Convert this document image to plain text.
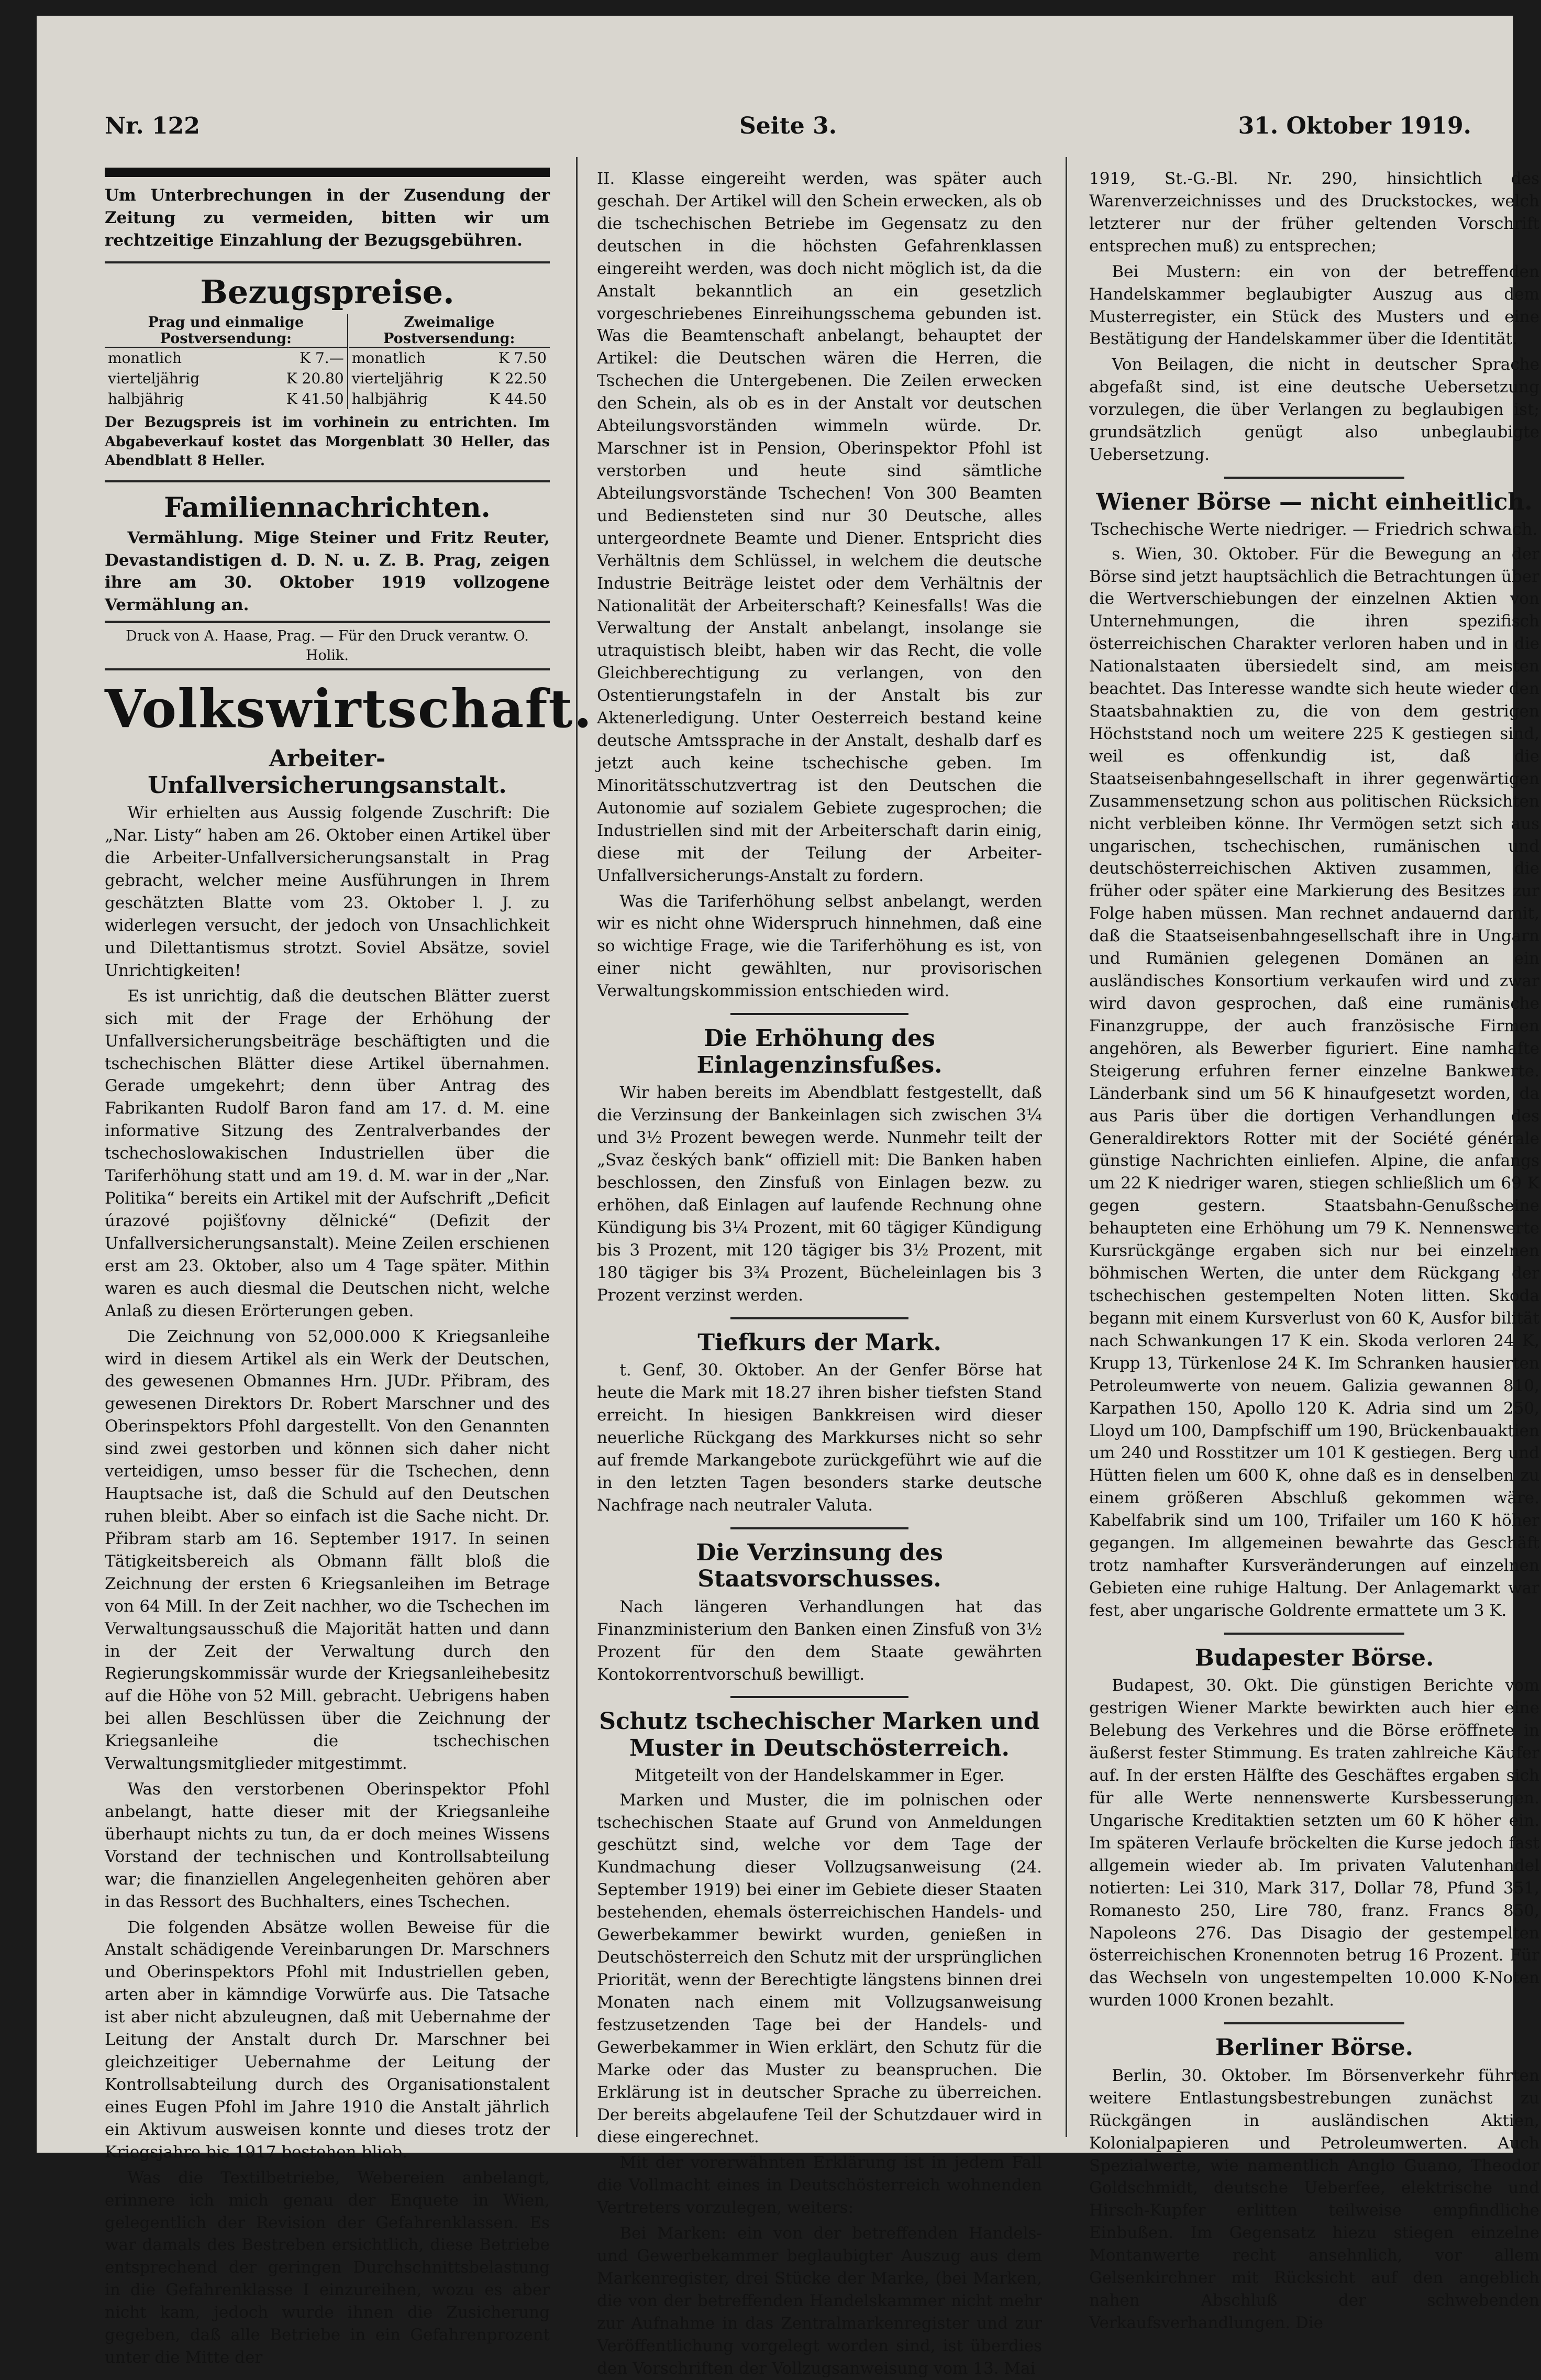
Nr. 122	Seite 3.	31. Oktober 1919.

Um Unterbrechungen in der Zusendung der Zeitung zu vermeiden, bitten wir um rechtzeitige Einzahlung der Bezugsgebühren.

Bezugspreise.
Prag und einmalige Postversendung:			Zweimalige Postversendung:	
monatlich	K 7.—		monatlich	K 7.50
vierteljährig	K 20.80		vierteljährig	K 22.50
halbjährig	K 41.50		halbjährig	K 44.50

Der Bezugspreis ist im vorhinein zu entrichten. Im Abgabeverkauf kostet das Morgenblatt 30 Heller, das Abendblatt 8 Heller.

Familiennachrichten.

Vermählung. Mige Steiner und Fritz Reuter, Devastandistigen d. D. N. u. Z. B. Prag, zeigen ihre am 30. Oktober 1919 vollzogene Vermählung an.

Druck von A. Haase, Prag. — Für den Druck verantw. O. Holik.

Volkswirtschaft.
Arbeiter-Unfallversicherungsanstalt.

Wir erhielten aus Aussig folgende Zuschrift: Die „Nar. Listy“ haben am 26. Oktober einen Artikel über die Arbeiter-Unfallversicherungsanstalt in Prag gebracht, welcher meine Ausführungen in Ihrem geschätzten Blatte vom 23. Oktober l. J. zu widerlegen versucht, der jedoch von Unsachlichkeit und Dilettantismus strotzt. Soviel Absätze, soviel Unrichtigkeiten!

Es ist unrichtig, daß die deutschen Blätter zuerst sich mit der Frage der Erhöhung der Unfallversicherungsbeiträge beschäftigten und die tschechischen Blätter diese Artikel übernahmen. Gerade umgekehrt; denn über Antrag des Fabrikanten Rudolf Baron fand am 17. d. M. eine informative Sitzung des Zentralverbandes der tschechoslowakischen Industriellen über die Tariferhöhung statt und am 19. d. M. war in der „Nar. Politika“ bereits ein Artikel mit der Aufschrift „Deficit úrazové pojišťovny dělnické“ (Defizit der Unfallversicherungsanstalt). Meine Zeilen erschienen erst am 23. Oktober, also um 4 Tage später. Mithin waren es auch diesmal die Deutschen nicht, welche Anlaß zu diesen Erörterungen geben.

Die Zeichnung von 52,000.000 K Kriegsanleihe wird in diesem Artikel als ein Werk der Deutschen, des gewesenen Obmannes Hrn. JUDr. Přibram, des gewesenen Direktors Dr. Robert Marschner und des Oberinspektors Pfohl dargestellt. Von den Genannten sind zwei gestorben und können sich daher nicht verteidigen, umso besser für die Tschechen, denn Hauptsache ist, daß die Schuld auf den Deutschen ruhen bleibt. Aber so einfach ist die Sache nicht. Dr. Přibram starb am 16. September 1917. In seinen Tätigkeitsbereich als Obmann fällt bloß die Zeichnung der ersten 6 Kriegsanleihen im Betrage von 64 Mill. In der Zeit nachher, wo die Tschechen im Verwaltungsausschuß die Majorität hatten und dann in der Zeit der Verwaltung durch den Regierungskommissär wurde der Kriegsanleihebesitz auf die Höhe von 52 Mill. gebracht. Uebrigens haben bei allen Beschlüssen über die Zeichnung der Kriegsanleihe die tschechischen Verwaltungsmitglieder mitgestimmt.

Was den verstorbenen Oberinspektor Pfohl anbelangt, hatte dieser mit der Kriegsanleihe überhaupt nichts zu tun, da er doch meines Wissens Vorstand der technischen und Kontrollsabteilung war; die finanziellen Angelegenheiten gehören aber in das Ressort des Buchhalters, eines Tschechen.

Die folgenden Absätze wollen Beweise für die Anstalt schädigende Vereinbarungen Dr. Marschners und Oberinspektors Pfohl mit Industriellen geben, arten aber in kämndige Vorwürfe aus. Die Tatsache ist aber nicht abzuleugnen, daß mit Uebernahme der Leitung der Anstalt durch Dr. Marschner bei gleichzeitiger Uebernahme der Leitung der Kontrollsabteilung durch des Organisationstalent eines Eugen Pfohl im Jahre 1910 die Anstalt jährlich ein Aktivum ausweisen konnte und dieses trotz der Kriegsjahre bis 1917 bestehen blieb.

Was die Textilbetriebe, Webereien anbelangt, erinnere ich mich genau der Enquete in Wien, gelegentlich der Revision der Gefahrenklassen. Es war damals des Bestreben ersichtlich, diese Betriebe entsprechend der geringen Durchschnittsbelastung in die Gefahrenklasse I einzureihen, wozu es aber nicht kam, jedoch wurde ihnen die Zusicherung gegeben, daß alle Betriebe in ein Gefahrenprozent unter die Mitte der

II. Klasse eingereiht werden, was später auch geschah. Der Artikel will den Schein erwecken, als ob die tschechischen Betriebe im Gegensatz zu den deutschen in die höchsten Gefahrenklassen eingereiht werden, was doch nicht möglich ist, da die Anstalt bekanntlich an ein gesetzlich vorgeschriebenes Einreihungsschema gebunden ist. Was die Beamtenschaft anbelangt, behauptet der Artikel: die Deutschen wären die Herren, die Tschechen die Untergebenen. Die Zeilen erwecken den Schein, als ob es in der Anstalt vor deutschen Abteilungsvorständen wimmeln würde. Dr. Marschner ist in Pension, Oberinspektor Pfohl ist verstorben und heute sind sämtliche Abteilungsvorstände Tschechen! Von 300 Beamten und Bediensteten sind nur 30 Deutsche, alles untergeordnete Beamte und Diener. Entspricht dies Verhältnis dem Schlüssel, in welchem die deutsche Industrie Beiträge leistet oder dem Verhältnis der Nationalität der Arbeiterschaft? Keinesfalls! Was die Verwaltung der Anstalt anbelangt, insolange sie utraquistisch bleibt, haben wir das Recht, die volle Gleichberechtigung zu verlangen, von den Ostentierungstafeln in der Anstalt bis zur Aktenerledigung. Unter Oesterreich bestand keine deutsche Amtssprache in der Anstalt, deshalb darf es jetzt auch keine tschechische geben. Im Minoritätsschutzvertrag ist den Deutschen die Autonomie auf sozialem Gebiete zugesprochen; die Industriellen sind mit der Arbeiterschaft darin einig, diese mit der Teilung der Arbeiter-Unfallversicherungs-Anstalt zu fordern.

Was die Tariferhöhung selbst anbelangt, werden wir es nicht ohne Widerspruch hinnehmen, daß eine so wichtige Frage, wie die Tariferhöhung es ist, von einer nicht gewählten, nur provisorischen Verwaltungskommission entschieden wird.

Die Erhöhung des Einlagenzinsfußes.

Wir haben bereits im Abendblatt festgestellt, daß die Verzinsung der Bankeinlagen sich zwischen 3¼ und 3½ Prozent bewegen werde. Nunmehr teilt der „Svaz českých bank“ offiziell mit: Die Banken haben beschlossen, den Zinsfuß von Einlagen bezw. zu erhöhen, daß Einlagen auf laufende Rechnung ohne Kündigung bis 3¼ Prozent, mit 60 tägiger Kündigung bis 3 Prozent, mit 120 tägiger bis 3½ Prozent, mit 180 tägiger bis 3¾ Prozent, Bücheleinlagen bis 3 Prozent verzinst werden.

Tiefkurs der Mark.

t. Genf, 30. Oktober. An der Genfer Börse hat heute die Mark mit 18.27 ihren bisher tiefsten Stand erreicht. In hiesigen Bankkreisen wird dieser neuerliche Rückgang des Markkurses nicht so sehr auf fremde Markangebote zurückgeführt wie auf die in den letzten Tagen besonders starke deutsche Nachfrage nach neutraler Valuta.

Die Verzinsung des Staatsvorschusses.

Nach längeren Verhandlungen hat das Finanzministerium den Banken einen Zinsfuß von 3½ Prozent für den dem Staate gewährten Kontokorrentvorschuß bewilligt.

Schutz tschechischer Marken und Muster in Deutschösterreich.
Mitgeteilt von der Handelskammer in Eger.

Marken und Muster, die im polnischen oder tschechischen Staate auf Grund von Anmeldungen geschützt sind, welche vor dem Tage der Kundmachung dieser Vollzugsanweisung (24. September 1919) bei einer im Gebiete dieser Staaten bestehenden, ehemals österreichischen Handels- und Gewerbekammer bewirkt wurden, genießen in Deutschösterreich den Schutz mit der ursprünglichen Priorität, wenn der Berechtigte längstens binnen drei Monaten nach einem mit Vollzugsanweisung festzusetzenden Tage bei der Handels- und Gewerbekammer in Wien erklärt, den Schutz für die Marke oder das Muster zu beanspruchen. Die Erklärung ist in deutscher Sprache zu überreichen. Der bereits abgelaufene Teil der Schutzdauer wird in diese eingerechnet.

Mit der vorerwähnten Erklärung ist in jedem Fall die Vollmacht eines in Deutschösterreich wohnenden Vertreters vorzulegen, weiters:

Bei Marken: ein von der betreffenden Handels- und Gewerbekammer beglaubigter Auszug aus dem Markenregister, drei Stücke der Marke, (bei Marken, die von der betreffenden Handelskammer nicht mehr zur Aufnahme in das Zentralmarkenregister und zur Veröffentlichung vorgelegt worden sind, ist überdies den Vorschriften der Vollzugsanweisung vom 13. Mai

1919, St.-G.-Bl. Nr. 290, hinsichtlich des Warenverzeichnisses und des Druckstockes, welch letzterer nur der früher geltenden Vorschrift entsprechen muß) zu entsprechen;

Bei Mustern: ein von der betreffenden Handelskammer beglaubigter Auszug aus dem Musterregister, ein Stück des Musters und eine Bestätigung der Handelskammer über die Identität.

Von Beilagen, die nicht in deutscher Sprache abgefaßt sind, ist eine deutsche Uebersetzung vorzulegen, die über Verlangen zu beglaubigen ist; grundsätzlich genügt also unbeglaubigte Uebersetzung.

Wiener Börse — nicht einheitlich.
Tschechische Werte niedriger. — Friedrich schwach.

s. Wien, 30. Oktober. Für die Bewegung an der Börse sind jetzt hauptsächlich die Betrachtungen über die Wertverschiebungen der einzelnen Aktien von Unternehmungen, die ihren spezifisch österreichischen Charakter verloren haben und in die Nationalstaaten übersiedelt sind, am meisten beachtet. Das Interesse wandte sich heute wieder den Staatsbahnaktien zu, die von dem gestrigen Höchststand noch um weitere 225 K gestiegen sind, weil es offenkundig ist, daß die Staatseisenbahngesellschaft in ihrer gegenwärtigen Zusammensetzung schon aus politischen Rücksichten nicht verbleiben könne. Ihr Vermögen setzt sich aus ungarischen, tschechischen, rumänischen und deutschösterreichischen Aktiven zusammen, die früher oder später eine Markierung des Besitzes zur Folge haben müssen. Man rechnet andauernd damit, daß die Staatseisenbahngesellschaft ihre in Ungarn und Rumänien gelegenen Domänen an ein ausländisches Konsortium verkaufen wird und zwar wird davon gesprochen, daß eine rumänische Finanzgruppe, der auch französische Firmen angehören, als Bewerber figuriert. Eine namhafte Steigerung erfuhren ferner einzelne Bankwerte. Länderbank sind um 56 K hinaufgesetzt worden, da aus Paris über die dortigen Verhandlungen des Generaldirektors Rotter mit der Société générale günstige Nachrichten einliefen. Alpine, die anfangs um 22 K niedriger waren, stiegen schließlich um 69 K gegen gestern. Staatsbahn-Genußscheine behaupteten eine Erhöhung um 79 K. Nennenswerte Kursrückgänge ergaben sich nur bei einzelnen böhmischen Werten, die unter dem Rückgang der tschechischen gestempelten Noten litten. Skoda begann mit einem Kursverlust von 60 K, Ausfor bilität nach Schwankungen 17 K ein. Skoda verloren 24 K, Krupp 13, Türkenlose 24 K. Im Schranken hausierten Petroleumwerte von neuem. Galizia gewannen 810, Karpathen 150, Apollo 120 K. Adria sind um 250, Lloyd um 100, Dampfschiff um 190, Brückenbauaktien um 240 und Rosstitzer um 101 K gestiegen. Berg und Hütten fielen um 600 K, ohne daß es in denselben zu einem größeren Abschluß gekommen wäre. Kabelfabrik sind um 100, Trifailer um 160 K höher gegangen. Im allgemeinen bewahrte das Geschäft trotz namhafter Kursveränderungen auf einzelnen Gebieten eine ruhige Haltung. Der Anlagemarkt war fest, aber ungarische Goldrente ermattete um 3 K.

Budapester Börse.

Budapest, 30. Okt. Die günstigen Berichte vom gestrigen Wiener Markte bewirkten auch hier eine Belebung des Verkehres und die Börse eröffnete in äußerst fester Stimmung. Es traten zahlreiche Käufer auf. In der ersten Hälfte des Geschäftes ergaben sich für alle Werte nennenswerte Kursbesserungen. Ungarische Kreditaktien setzten um 60 K höher ein. Im späteren Verlaufe bröckelten die Kurse jedoch fast allgemein wieder ab. Im privaten Valutenhandel notierten: Lei 310, Mark 317, Dollar 78, Pfund 351, Romanesto 250, Lire 780, franz. Francs 850, Napoleons 276. Das Disagio der gestempelten österreichischen Kronennoten betrug 16 Prozent. Für das Wechseln von ungestempelten 10.000 K-Noten wurden 1000 Kronen bezahlt.

Berliner Börse.

Berlin, 30. Oktober. Im Börsenverkehr führten weitere Entlastungsbestrebungen zunächst zu Rückgängen in ausländischen Aktien, Kolonialpapieren und Petroleumwerten. Auch Spezialwerte, wie namentlich Anglo Guano, Theodor Goldschmidt, deutsche Ueberfee, elektrische und Hirsch-Kupfer erlitten teilweise empfindliche Einbußen. Im Gegensatz hiezu stiegen einzelne Montanwerte recht ansehnlich, vor allem Gelsenkirchner mit Rücksicht auf den angeblich nahen Abschluß der schwebenden Verkaufsverhandlungen. Die
